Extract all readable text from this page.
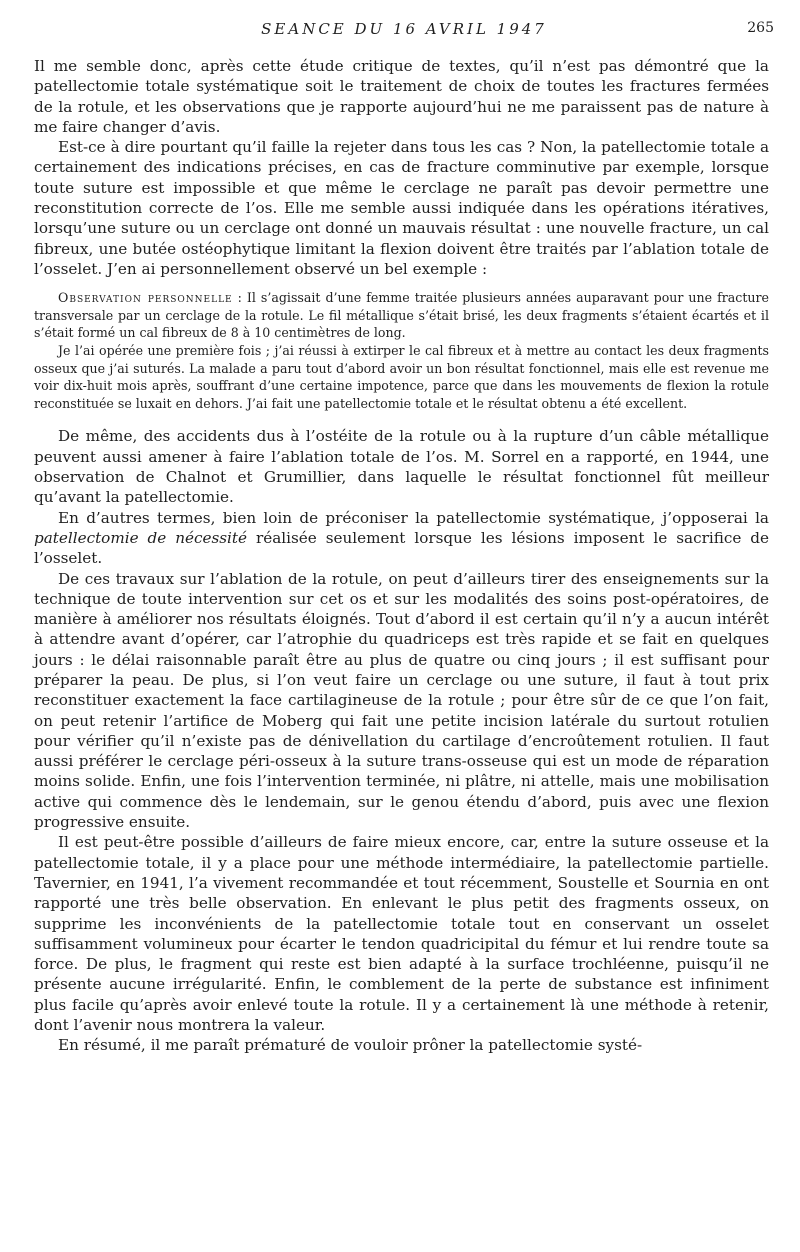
SEANCE DU 16 AVRIL 1947	265

Il me semble donc, après cette étude critique de textes, qu’il n’est pas démontré que la patellectomie totale systématique soit le traitement de choix de toutes les fractures fermées de la rotule, et les observations que je rapporte aujourd’hui ne me paraissent pas de nature à me faire changer d’avis.

Est-ce à dire pourtant qu’il faille la rejeter dans tous les cas ? Non, la patellectomie totale a certainement des indications précises, en cas de fracture comminutive par exemple, lorsque toute suture est impossible et que même le cerclage ne paraît pas devoir permettre une reconstitution correcte de l’os. Elle me semble aussi indiquée dans les opérations itératives, lorsqu’une suture ou un cerclage ont donné un mauvais résultat : une nouvelle fracture, un cal fibreux, une butée ostéophytique limitant la flexion doivent être traités par l’ablation totale de l’osselet. J’en ai personnellement observé un bel exemple :

Observation personnelle : Il s’agissait d’une femme traitée plusieurs années auparavant pour une fracture transversale par un cerclage de la rotule. Le fil métallique s’était brisé, les deux fragments s’étaient écartés et il s’était formé un cal fibreux de 8 à 10 centimètres de long.

Je l’ai opérée une première fois ; j’ai réussi à extirper le cal fibreux et à mettre au contact les deux fragments osseux que j’ai suturés. La malade a paru tout d’abord avoir un bon résultat fonctionnel, mais elle est revenue me voir dix-huit mois après, souffrant d’une certaine impotence, parce que dans les mouvements de flexion la rotule reconstituée se luxait en dehors. J’ai fait une patellectomie totale et le résultat obtenu a été excellent.

De même, des accidents dus à l’ostéite de la rotule ou à la rupture d’un câble métallique peuvent aussi amener à faire l’ablation totale de l’os. M. Sorrel en a rapporté, en 1944, une observation de Chalnot et Grumillier, dans laquelle le résultat fonctionnel fût meilleur qu’avant la patellectomie.

En d’autres termes, bien loin de préconiser la patellectomie systématique, j’opposerai la patellectomie de nécessité réalisée seulement lorsque les lésions imposent le sacrifice de l’osselet.

De ces travaux sur l’ablation de la rotule, on peut d’ailleurs tirer des enseignements sur la technique de toute intervention sur cet os et sur les modalités des soins post-opératoires, de manière à améliorer nos résultats éloignés. Tout d’abord il est certain qu’il n’y a aucun intérêt à attendre avant d’opérer, car l’atrophie du quadriceps est très rapide et se fait en quelques jours : le délai raisonnable paraît être au plus de quatre ou cinq jours ; il est suffisant pour préparer la peau. De plus, si l’on veut faire un cerclage ou une suture, il faut à tout prix reconstituer exactement la face cartilagineuse de la rotule ; pour être sûr de ce que l’on fait, on peut retenir l’artifice de Moberg qui fait une petite incision latérale du surtout rotulien pour vérifier qu’il n’existe pas de dénivellation du cartilage d’encroûtement rotulien. Il faut aussi préférer le cerclage péri-osseux à la suture trans-osseuse qui est un mode de réparation moins solide. Enfin, une fois l’intervention terminée, ni plâtre, ni attelle, mais une mobilisation active qui commence dès le lendemain, sur le genou étendu d’abord, puis avec une flexion progressive ensuite.

Il est peut-être possible d’ailleurs de faire mieux encore, car, entre la suture osseuse et la patellectomie totale, il y a place pour une méthode intermédiaire, la patellectomie partielle. Tavernier, en 1941, l’a vivement recommandée et tout récemment, Soustelle et Sournia en ont rapporté une très belle observation. En enlevant le plus petit des fragments osseux, on supprime les inconvénients de la patellectomie totale tout en conservant un osselet suffisamment volumineux pour écarter le tendon quadricipital du fémur et lui rendre toute sa force. De plus, le fragment qui reste est bien adapté à la surface trochléenne, puisqu’il ne présente aucune irrégularité. Enfin, le comblement de la perte de substance est infiniment plus facile qu’après avoir enlevé toute la rotule. Il y a certainement là une méthode à retenir, dont l’avenir nous montrera la valeur.

En résumé, il me paraît prématuré de vouloir prôner la patellectomie systé-
